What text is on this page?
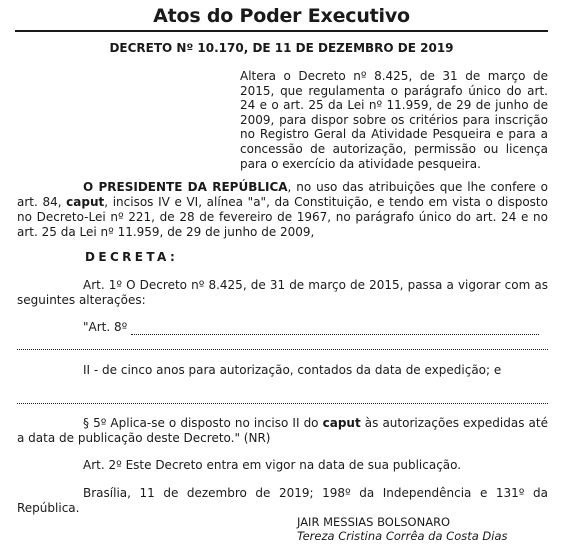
Atos do Poder Executivo
DECRETO Nº 10.170, DE 11 DE DEZEMBRO DE 2019
Altera o Decreto nº 8.425, de 31 de março de 2015, que regulamenta o parágrafo único do art. 24 e o art. 25 da Lei nº 11.959, de 29 de junho de 2009, para dispor sobre os critérios para inscrição no Registro Geral da Atividade Pesqueira e para a concessão de autorização, permissão ou licença para o exercício da atividade pesqueira.

O PRESIDENTE DA REPÚBLICA, no uso das atribuições que lhe confere o art. 84, caput, incisos IV e VI, alínea "a", da Constituição, e tendo em vista o disposto no Decreto-Lei nº 221, de 28 de fevereiro de 1967, no parágrafo único do art. 24 e no art. 25 da Lei nº 11.959, de 29 de junho de 2009,

DECRETA:

Art. 1º O Decreto nº 8.425, de 31 de março de 2015, passa a vigorar com as seguintes alterações:

"Art. 8º

II - de cinco anos para autorização, contados da data de expedição; e

§ 5º Aplica-se o disposto no inciso II do caput às autorizações expedidas até a data de publicação deste Decreto." (NR)

Art. 2º Este Decreto entra em vigor na data de sua publicação.

Brasília, 11 de dezembro de 2019; 198º da Independência e 131º da República.

JAIR MESSIAS BOLSONARO
Tereza Cristina Corrêa da Costa Dias
